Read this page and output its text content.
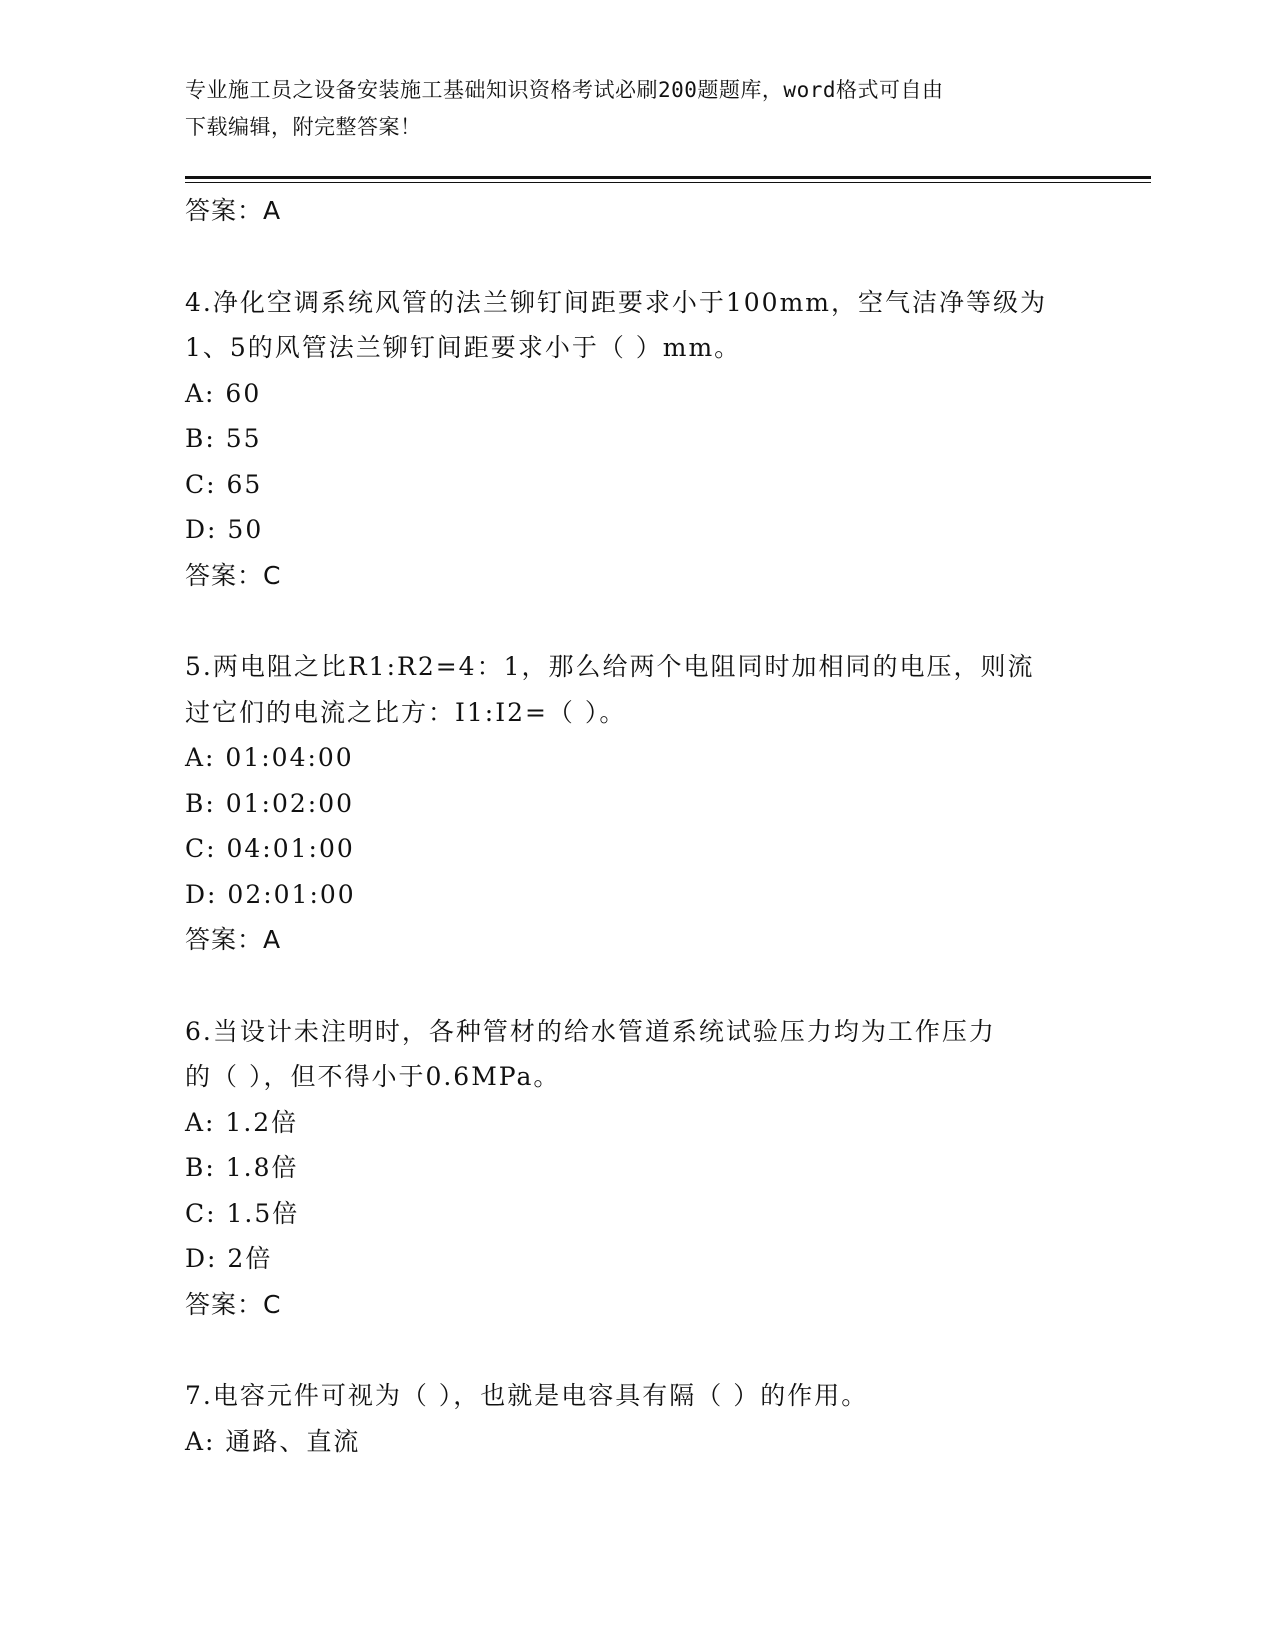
专业施工员之设备安装施工基础知识资格考试必刷200题题库，word格式可自由
下载编辑，附完整答案！
答案：A
4.净化空调系统风管的法兰铆钉间距要求小于100mm，空气洁净等级为
1、5的风管法兰铆钉间距要求小于（ ）mm。
A: 60
B: 55
C: 65
D: 50
答案：C
5.两电阻之比R1:R2=4：1，那么给两个电阻同时加相同的电压，则流
过它们的电流之比方：I1:I2=（ ）。
A: 01:04:00
B: 01:02:00
C: 04:01:00
D: 02:01:00
答案：A
6.当设计未注明时，各种管材的给水管道系统试验压力均为工作压力
的（ ），但不得小于0.6MPa。
A: 1.2倍
B: 1.8倍
C: 1.5倍
D: 2倍
答案：C
7.电容元件可视为（ ），也就是电容具有隔（ ）的作用。
A: 通路、直流
